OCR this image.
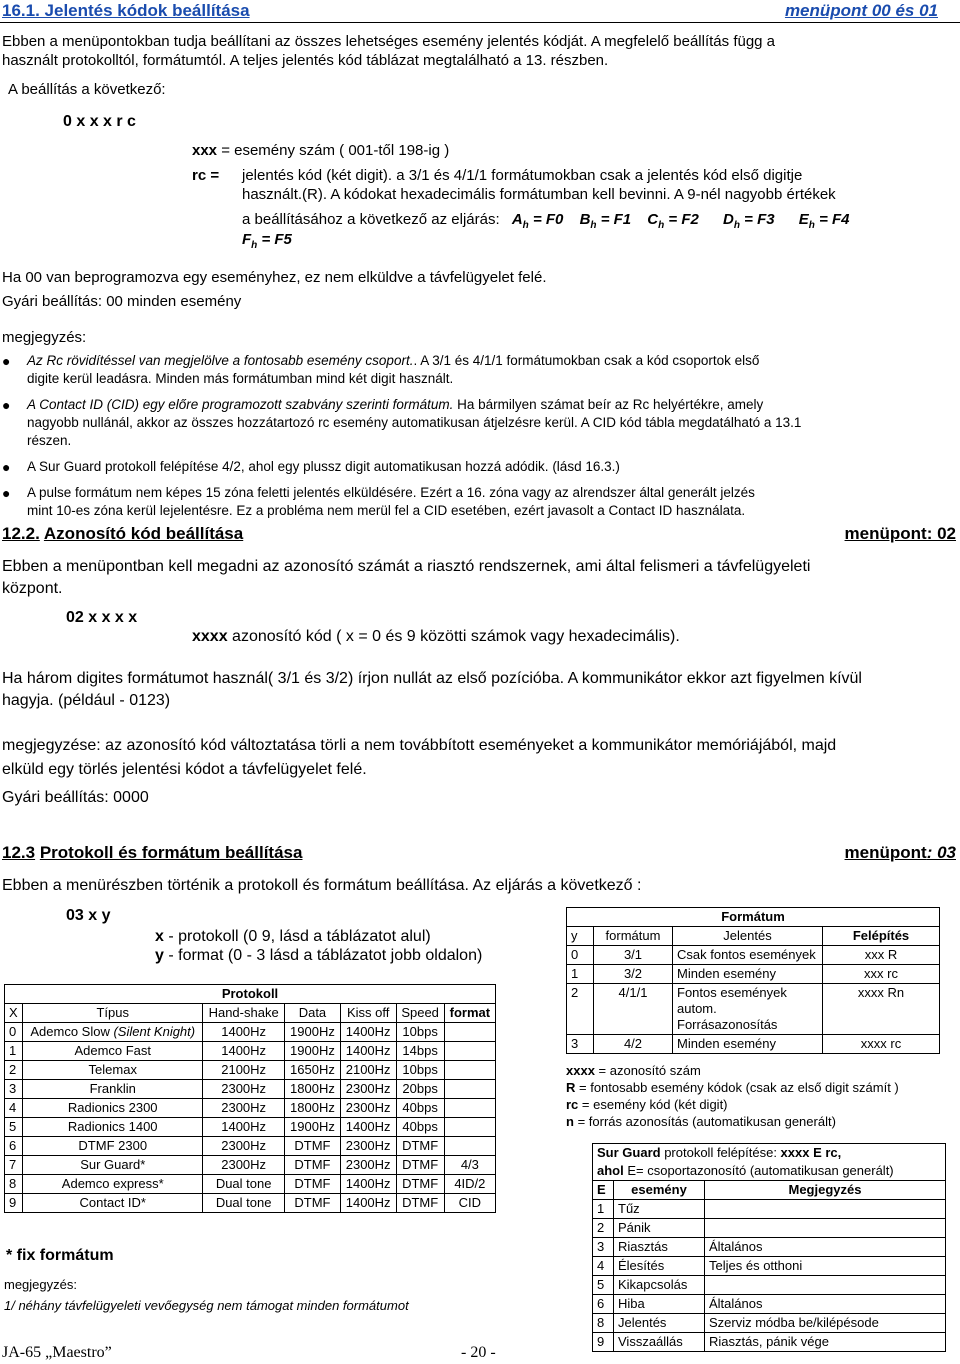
16.1. Jelentés kódok beállítása	menüpont 00 és 01
Ebben a menüpontokban tudja beállítani az összes lehetséges esemény jelentés kódját. A megfelelő beállítás függ a
használt protokolltól, formátumtól. A teljes jelentés kód táblázat megtalálható a 13. részben.
A beállítás a következő:
0 x x x r c
xxx = esemény szám ( 001-től 198-ig )
rc = jelentés kód (két digit). a 3/1 és 4/1/1 formátumokban csak a jelentés kód első digitje
használt.(R). A kódokat hexadecimális formátumban kell bevinni. A 9-nél nagyobb értékek
a beállításához a következő az eljárás: $A_h = F0$ $B_h = F1$ $C_h = F2$ $D_h = F3$ $E_h = F4$
$F_h = F5$
Ha 00 van beprogramozva egy eseményhez, ez nem elküldve a távfelügyelet felé.
Gyári beállítás: 00 minden esemény
megjegyzés:
● Az Rc rövidítéssel van megjelölve a fontosabb esemény csoport.. A 3/1 és 4/1/1 formátumokban csak a kód csoportok első
digite kerül leadásra. Minden más formátumban mind két digit használt.
● A Contact ID (CID) egy előre programozott szabvány szerinti formátum. Ha bármilyen számat beír az Rc helyértékre, amely
nagyobb nullánál, akkor az összes hozzátartozó rc esemény automatikusan átjelzésre kerül. A CID kód tábla megdatálható a 13.1
részen.
● A Sur Guard protokoll felépítése 4/2, ahol egy plussz digit automatikusan hozzá adódik. (lásd 16.3.)
● A pulse formátum nem képes 15 zóna feletti jelentés elküldésére. Ezért a 16. zóna vagy az alrendszer által generált jelzés
mint 10-es zóna kerül lejelentésre. Ez a probléma nem merül fel a CID esetében, ezért javasolt a Contact ID használata.
12.2. Azonosító kód beállítása	menüpont: 02
Ebben a menüpontban kell megadni az azonosító számát a riasztó rendszernek, ami által felismeri a távfelügyeleti
központ.
02 x x x x
xxxx azonosító kód ( x = 0 és 9 közötti számok vagy hexadecimális).
Ha három digites formátumot használ( 3/1 és 3/2) írjon nullát az első pozícióba. A kommunikátor ekkor azt figyelmen kívül
hagyja. (például - 0123)
megjegyzése: az azonosító kód változtatása törli a nem továbbított eseményeket a kommunikátor memóriájából, majd
elküld egy törlés jelentési kódot a távfelügyelet felé.
Gyári beállítás: 0000
12.3 Protokoll és formátum beállítása	menüpont: 03
Ebben a menürészben történik a protokoll és formátum beállítása. Az eljárás a következő :
03 x y
x - protokoll (0 9, lásd a táblázatot alul)
y - format (0 - 3 lásd a táblázatot jobb oldalon)
Protokoll						
X	Típus	Hand-shake	Data	Kiss off	Speed	format
0	Ademco Slow (Silent Knight)	1400Hz	1900Hz	1400Hz	10bps	
1	Ademco Fast	1400Hz	1900Hz	1400Hz	14bps	
2	Telemax	2100Hz	1650Hz	2100Hz	10bps	
3	Franklin	2300Hz	1800Hz	2300Hz	20bps	
4	Radionics 2300	2300Hz	1800Hz	2300Hz	40bps	
5	Radionics 1400	1400Hz	1900Hz	1400Hz	40bps	
6	DTMF 2300	2300Hz	DTMF	2300Hz	DTMF	
7	Sur Guard*	2300Hz	DTMF	2300Hz	DTMF	4/3
8	Ademco express*	Dual tone	DTMF	1400Hz	DTMF	4ID/2
9	Contact ID*	Dual tone	DTMF	1400Hz	DTMF	CID
* fix formátum
megjegyzés:
1/ néhány távfelügyeleti vevőegység nem támogat minden formátumot
Formátum			
y	formátum	Jelentés	Felépítés
0	3/1	Csak fontos események	xxx R
1	3/2	Minden esemény	xxx rc
2	4/1/1	Fontos események autom. Forrásazonosítás	xxxx Rn
3	4/2	Minden esemény	xxxx rc
xxxx = azonosító szám
R = fontosabb esemény kódok (csak az első digit számít )
rc = esemény kód (két digit)
n = forrás azonosítás (automatikusan generált)
Sur Guard protokoll felépítése: xxxx E rc,		
ahol E= csoportazonosító (automatikusan generált)		
E	esemény	Megjegyzés
1	Tűz	
2	Pánik	
3	Riasztás	Általános
4	Élesítés	Teljes és otthoni
5	Kikapcsolás	
6	Hiba	Általános
8	Jelentés	Szerviz módba be/kilépésode
9	Visszaállás	Riasztás, pánik végе
JA-65 „Maestro”	- 20 -
